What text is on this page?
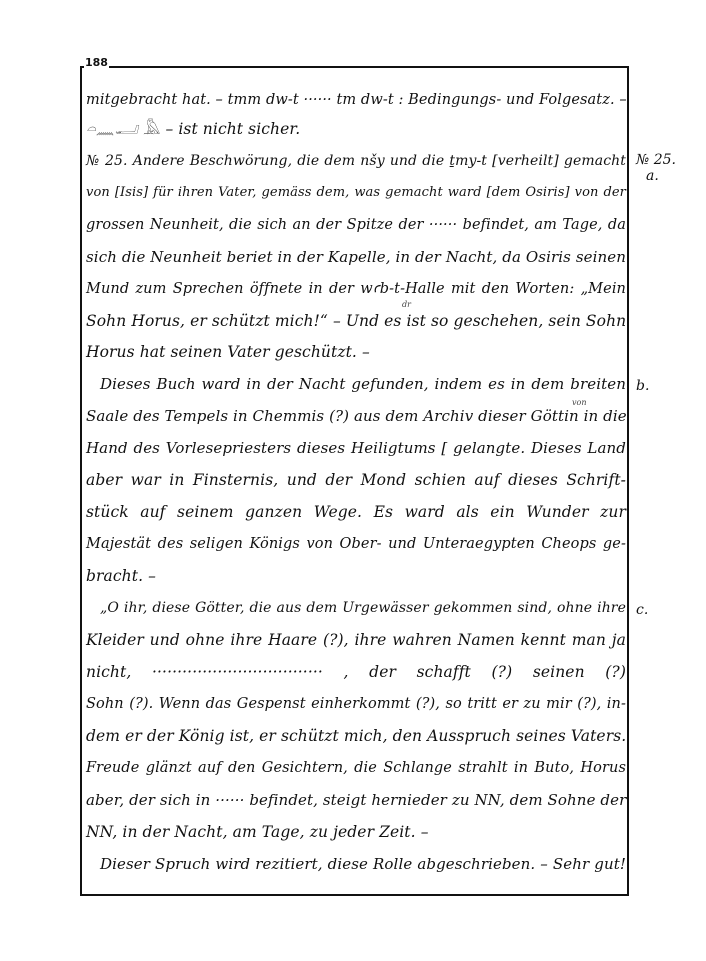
188
mitgebracht hat. – tmm dw-t ······ tm dw-t : Bedingungs- und Folgesatz. –
𓏏𓈖𓂝 𓅓 – ist nicht sicher.
№ 25. Andere Beschwörung, die dem nšy und die ṯmy-t [verheilt] gemacht
von [Isis] für ihren Vater, gemäss dem, was gemacht ward [dem Osiris] von der
grossen Neunheit, die sich an der Spitze der ······ befindet, am Tage, da
sich die Neunheit beriet in der Kapelle, in der Nacht, da Osiris seinen
Mund zum Sprechen öffnete in der wꜥb-t-Halle mit den Worten: „Mein
Sohn Horus, er schützt mich!“ – Und es ist so geschehen, sein Sohn
Horus hat seinen Vater geschützt. –
Dieses Buch ward in der Nacht gefunden, indem es in dem breiten
Saale des Tempels in Chemmis (?) aus dem Archiv dieser Göttin in die
Hand des Vorlesepriesters dieses Heiligtums [ gelangte. Dieses Land
aber war in Finsternis, und der Mond schien auf dieses Schrift-
stück auf seinem ganzen Wege. Es ward als ein Wunder zur
Majestät des seligen Königs von Ober- und Unteraegypten Cheops ge-
bracht. –
„O ihr, diese Götter, die aus dem Urgewässer gekommen sind, ohne ihre
Kleider und ohne ihre Haare (?), ihre wahren Namen kennt man ja
nicht, ·································· , der schafft (?) seinen (?)
Sohn (?). Wenn das Gespenst einherkommt (?), so tritt er zu mir (?), in-
dem er der König ist, er schützt mich, den Ausspruch seines Vaters.
Freude glänzt auf den Gesichtern, die Schlange strahlt in Buto, Horus
aber, der sich in ······ befindet, steigt hernieder zu NN, dem Sohne der
NN, in der Nacht, am Tage, zu jeder Zeit. –
Dieser Spruch wird rezitiert, diese Rolle abgeschrieben. – Sehr gut!
dr
von
№ 25.
a.
b.
c.
